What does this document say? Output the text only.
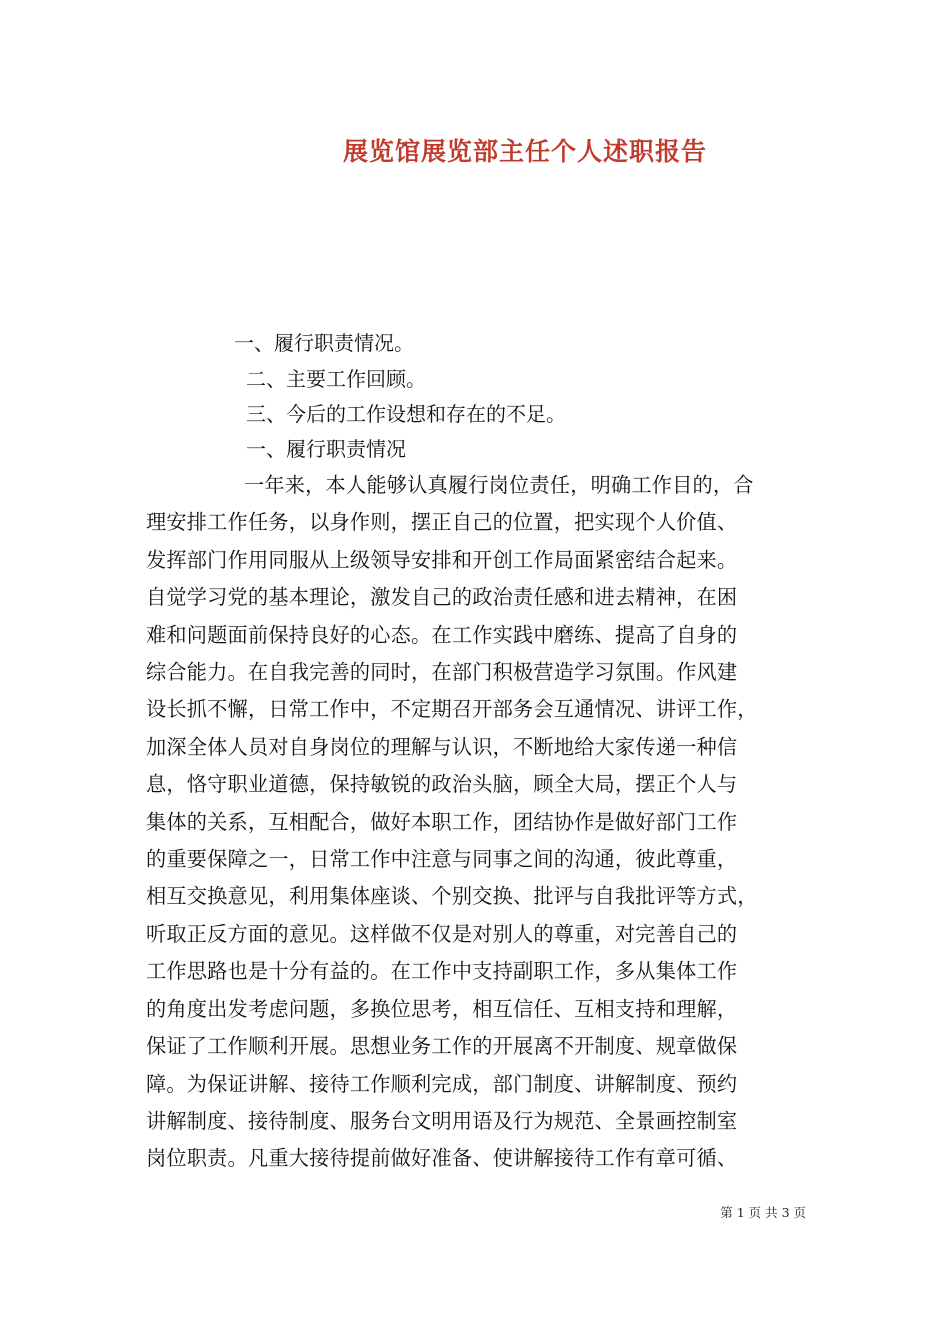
展览馆展览部主任个人述职报告
一、履行职责情况。
二、主要工作回顾。
三、今后的工作设想和存在的不足。
一、履行职责情况
一年来，本人能够认真履行岗位责任，明确工作目的，合
理安排工作任务，以身作则，摆正自己的位置，把实现个人价值、
发挥部门作用同服从上级领导安排和开创工作局面紧密结合起来。
自觉学习党的基本理论，激发自己的政治责任感和进去精神，在困
难和问题面前保持良好的心态。在工作实践中磨练、提高了自身的
综合能力。在自我完善的同时，在部门积极营造学习氛围。作风建
设长抓不懈，日常工作中，不定期召开部务会互通情况、讲评工作，
加深全体人员对自身岗位的理解与认识，不断地给大家传递一种信
息，恪守职业道德，保持敏锐的政治头脑，顾全大局，摆正个人与
集体的关系，互相配合，做好本职工作，团结协作是做好部门工作
的重要保障之一，日常工作中注意与同事之间的沟通，彼此尊重，
相互交换意见，利用集体座谈、个别交换、批评与自我批评等方式，
听取正反方面的意见。这样做不仅是对别人的尊重，对完善自己的
工作思路也是十分有益的。在工作中支持副职工作，多从集体工作
的角度出发考虑问题，多换位思考，相互信任、互相支持和理解，
保证了工作顺利开展。思想业务工作的开展离不开制度、规章做保
障。为保证讲解、接待工作顺利完成，部门制度、讲解制度、预约
讲解制度、接待制度、服务台文明用语及行为规范、全景画控制室
岗位职责。凡重大接待提前做好准备、使讲解接待工作有章可循、
第 1 页 共 3 页
